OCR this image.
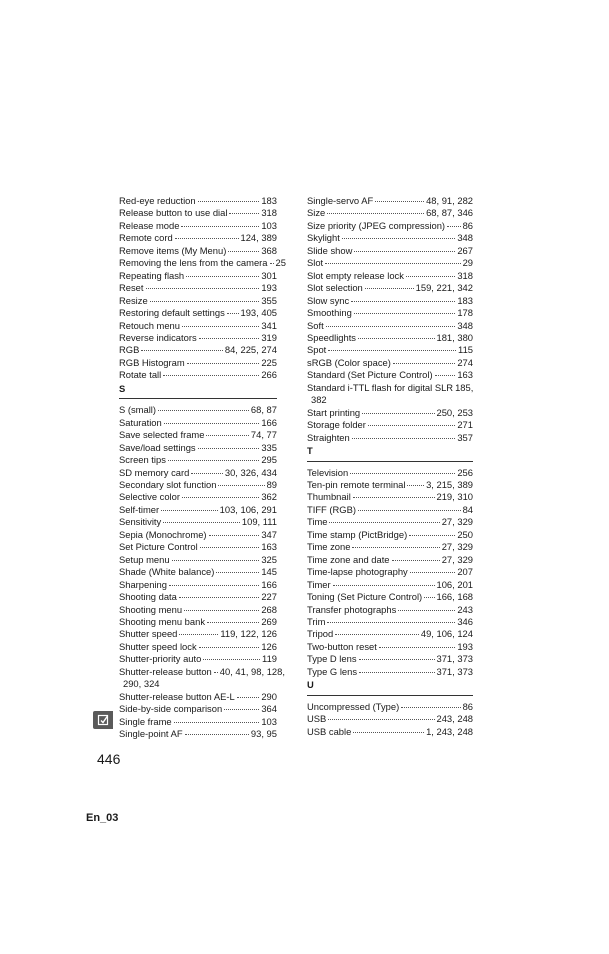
Red-eye reduction	183
Release button to use dial	318
Release mode	103
Remote cord	124, 389
Remove items (My Menu)	368
Removing the lens from the camera 25
Repeating flash	301
Reset	193
Resize	355
Restoring default settings 193, 405
Retouch menu	341
Reverse indicators	319
RGB	84, 225, 274
RGB Histogram	225
Rotate tall	266
S
S (small)	68, 87
Saturation	166
Save selected frame	74, 77
Save/load settings	335
Screen tips	295
SD memory card	30, 326, 434
Secondary slot function	89
Selective color	362
Self-timer	103, 106, 291
Sensitivity	109, 111
Sepia (Monochrome)	347
Set Picture Control	163
Setup menu	325
Shade (White balance)	145
Sharpening	166
Shooting data	227
Shooting menu	268
Shooting menu bank	269
Shutter speed	119, 122, 126
Shutter speed lock	126
Shutter-priority auto	119
Shutter-release button 40, 41, 98, 128,
290, 324
Shutter-release button AE-L	290
Side-by-side comparison	364
Single frame	103
Single-point AF	93, 95
Single-servo AF	48, 91, 282
Size	68, 87, 346
Size priority (JPEG compression) 86
Skylight	348
Slide show	267
Slot	29
Slot empty release lock	318
Slot selection	159, 221, 342
Slow sync	183
Smoothing	178
Soft	348
Speedlights	181, 380
Spot	115
sRGB (Color space)	274
Standard (Set Picture Control)	163
Standard i-TTL flash for digital SLR 185,
382
Start printing	250, 253
Storage folder	271
Straighten	357
T
Television	256
Ten-pin remote terminal 3, 215, 389
Thumbnail	219, 310
TIFF (RGB)	84
Time	27, 329
Time stamp (PictBridge)	250
Time zone	27, 329
Time zone and date	27, 329
Time-lapse photography	207
Timer	106, 201
Toning (Set Picture Control) 166, 168
Transfer photographs	243
Trim	346
Tripod	49, 106, 124
Two-button reset	193
Type D lens	371, 373
Type G lens	371, 373
U
Uncompressed (Type)	86
USB	243, 248
USB cable	1, 243, 248
446
En_03
